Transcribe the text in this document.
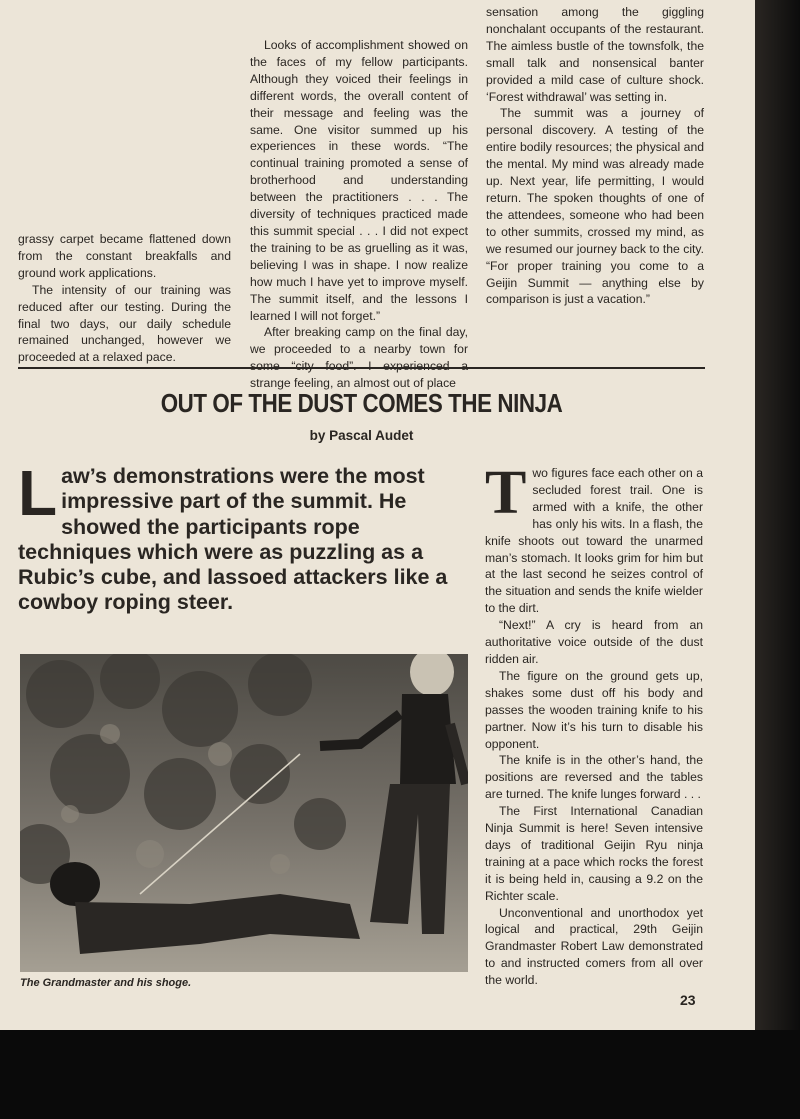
grassy carpet became flattened down from the constant breakfalls and ground work applications.

The intensity of our training was reduced after our testing. During the final two days, our daily schedule remained unchanged, however we proceeded at a relaxed pace.

Looks of accomplishment showed on the faces of my fellow participants. Although they voiced their feelings in different words, the overall content of their message and feeling was the same. One visitor summed up his experiences in these words. “The continual training promoted a sense of brotherhood and understanding between the practitioners . . . The diversity of techniques practiced made this summit special . . . I did not expect the training to be as gruelling as it was, believing I was in shape. I now realize how much I have yet to improve myself. The summit itself, and the lessons I learned I will not forget.”

After breaking camp on the final day, we proceeded to a nearby town for strange feeling, an almost out of place

sensation among the giggling nonchalant occupants of the restaurant. The aimless bustle of the townsfolk, the small talk and nonsensical banter provided a mild case of culture shock. ‘Forest withdrawal’ was setting in.

The summit was a journey of personal discovery. A testing of the entire bodily resources; the physical and the mental. My mind was already made up. Next year, life permitting, I would return. The spoken thoughts of one of the attendees, someone who had been to other summits, crossed my mind, as we resumed our journey back to the city. “For proper training you come to a Geijin Summit — anything else by comparison is just a vacation.”

OUT OF THE DUST COMES THE NINJA
by Pascal Audet
Law’s demonstrations were the most impressive part of the summit. He showed the participants rope techniques which were as puzzling as a Rubic’s cube, and lassoed attackers like a cowboy roping steer.
The Grandmaster and his shoge.

Two figures face each other on a secluded forest trail. One is armed with a knife, the other has only his wits. In a flash, the knife shoots out toward the unarmed man’s stomach. It looks grim for him but at the last second he seizes control of the situation and sends the knife wielder to the dirt.

“Next!” A cry is heard from an authoritative voice outside of the dust ridden air.

The figure on the ground gets up, shakes some dust off his body and passes the wooden training knife to his partner. Now it’s his turn to disable his opponent.

The knife is in the other’s hand, the positions are reversed and the tables are turned. The knife lunges forward . . .

The First International Canadian Ninja Summit is here! Seven intensive days of traditional Geijin Ryu ninja training at a pace which rocks the forest it is being held in, causing a 9.2 on the Richter scale.

Unconventional and unorthodox yet logical and practical, 29th Geijin Grandmaster Robert Law demonstrated to and instructed comers from all over the world.

23
